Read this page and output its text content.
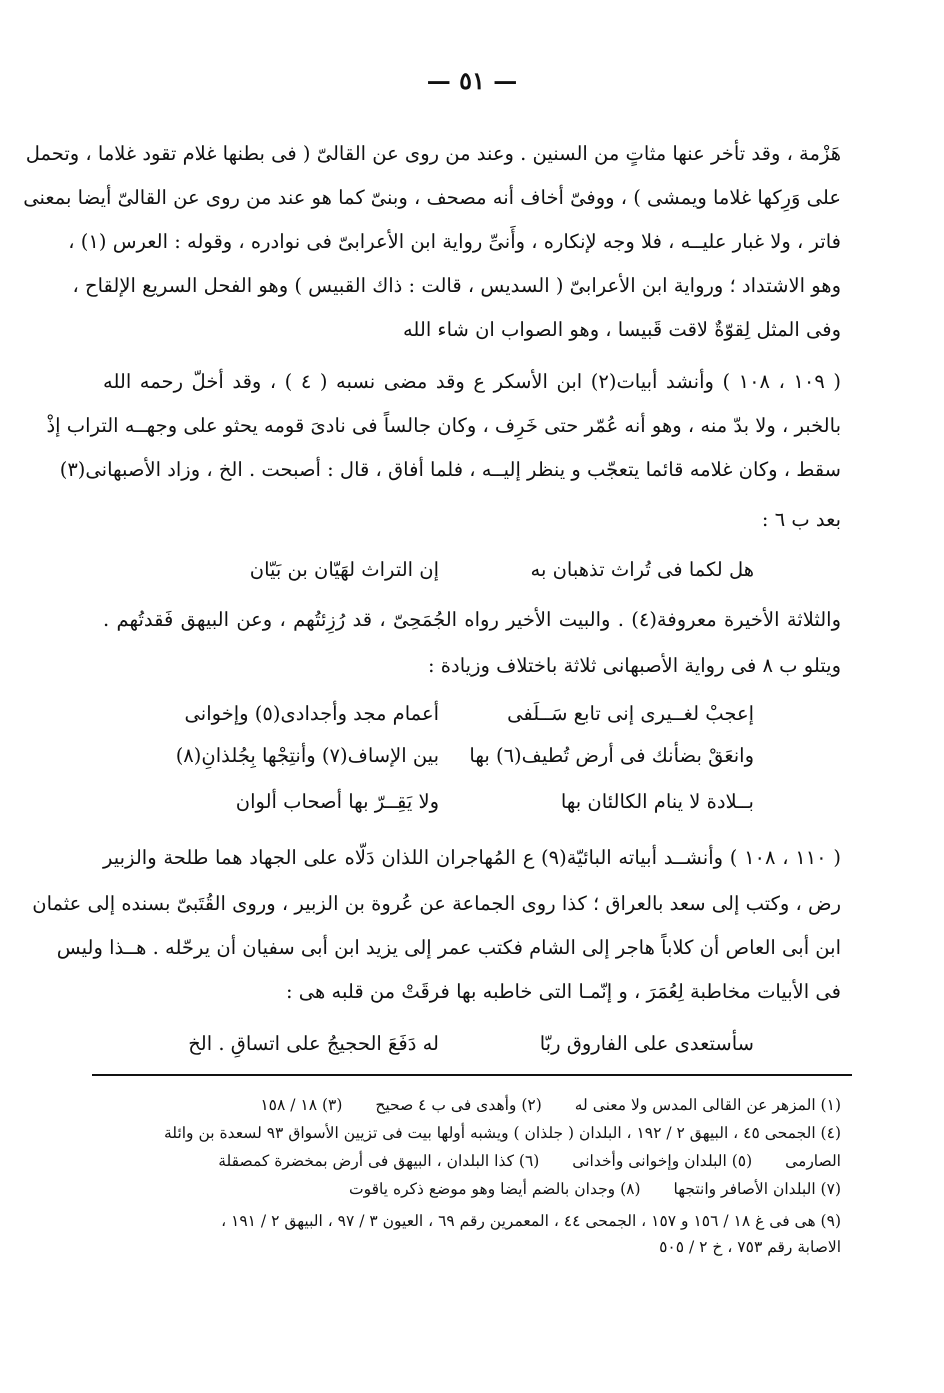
— ٥١ —
هَزْمة ، وقد تأخر عنها مثاتٍ من السنين . وعند من روى عن القالىّ ( فى بطنها غلام تقود غلاما ، وتحمل
على وَرِكها غلاما ويمشى ) ، ووفىّ أخاف أنه مصحف ، وبنىّ كما هو عند من روى عن القالىّ أيضا بمعنى
فاتر ، ولا غبار عليــه ، فلا وجه لإنكاره ، وأَنىِّ رواية ابن الأعرابىّ فى نوادره ، وقوله : العرس (١) ،
وهو الاشتداد ؛ ورواية ابن الأعرابىّ ( السديس ، قالت : ذاك القبيس ) وهو الفحل السريع الإلقاح ،
وفى المثل لِقوّةٌ لاقت قَبيسا ، وهو الصواب ان شاء الله
( ١٠٩ ، ١٠٨ ) وأنشد أبيات(٢) ابن الأسكر ع وقد مضى نسبه ( ٤ ) ، وقد أخلّ رحمه الله
بالخبر ، ولا بدّ منه ، وهو أنه عُمّر حتى خَرِف ، وكان جالساً فى نادىَ قومه يحثو على وجهــه التراب إذْ
سقط ، وكان غلامه قائما يتعجّب و ينظر إليــه ، فلما أفاق ، قال : أصبحت . الخ ، وزاد الأصبهانى(٣)
بعد ب ٦ :
هل لكما فى تُراث تذهبان به
إن التراث لهَيّان بن بَيّان
والثلاثة الأخيرة معروفة(٤) . والبيت الأخير رواه الجُمَحِىّ ، قد رُزِئتُهم ، وعن البيهق فَقدتُهم .
ويتلو ب ٨ فى رواية الأصبهانى ثلاثة باختلاف وزيادة :
إعجبْ لغــيرى إنى تابع سَــلَفى
أعمام مجد وأجدادى(٥) وإخوانى
وانعَقْ بضأنك فى أرض تُطيف(٦) بها
بين الإساف(٧) وأنتِجْها بِجُلذانِ(٨)
بــلادة لا ينام الكالئان بها
ولا يَقِــرّ بها أصحاب ألوان
( ١١٠ ، ١٠٨ ) وأنشــد أبياته البائيّة(٩) ع المُهاجران اللذان دَلّاه على الجهاد هما طلحة والزبير
رض ، وكتب إلى سعد بالعراق ؛ كذا روى الجماعة عن عُروة بن الزبير ، وروى القُتَبىّ بسنده إلى عثمان
ابن أبى العاص أن كلاباً هاجر إلى الشام فكتب عمر إلى يزيد ابن أبى سفيان أن يرحّله . هــذا وليس
فى الأبيات مخاطبة لِعُمَرَ ، و إنّمـا التى خاطبه بها فرقَتْ من قلبه هى :
سأستعدى على الفاروق ربّا
له دَفَعَ الحجيجُ على اتساقِ . الخ
(١) المزهر عن القالى المدس ولا معنى له (٢) وأهدى فى ب ٤ صحيح (٣) ١٨ / ١٥٨
(٤) الجمحى ٤٥ ، البيهق ٢ / ١٩٢ ، البلدان ( جلذان ) ويشبه أولها بيت فى تزيين الأسواق ٩٣ لسعدة بن وائلة
الصارمى (٥) البلدان وإخوانى وأخدانى (٦) كذا البلدان ، البيهق فى أرض بمخضرة كمصقلة
(٧) البلدان الأصافر وانتجها (٨) وجدان بالضم أيضا وهو موضع ذكره ياقوت
(٩) هى فى غ ١٨ / ١٥٦ و ١٥٧ ، الجمحى ٤٤ ، المعمرين رقم ٦٩ ، العيون ٣ / ٩٧ ، البيهق ٢ / ١٩١ ،
الاصابة رقم ٧٥٣ ، خ ٢ / ٥٠٥
